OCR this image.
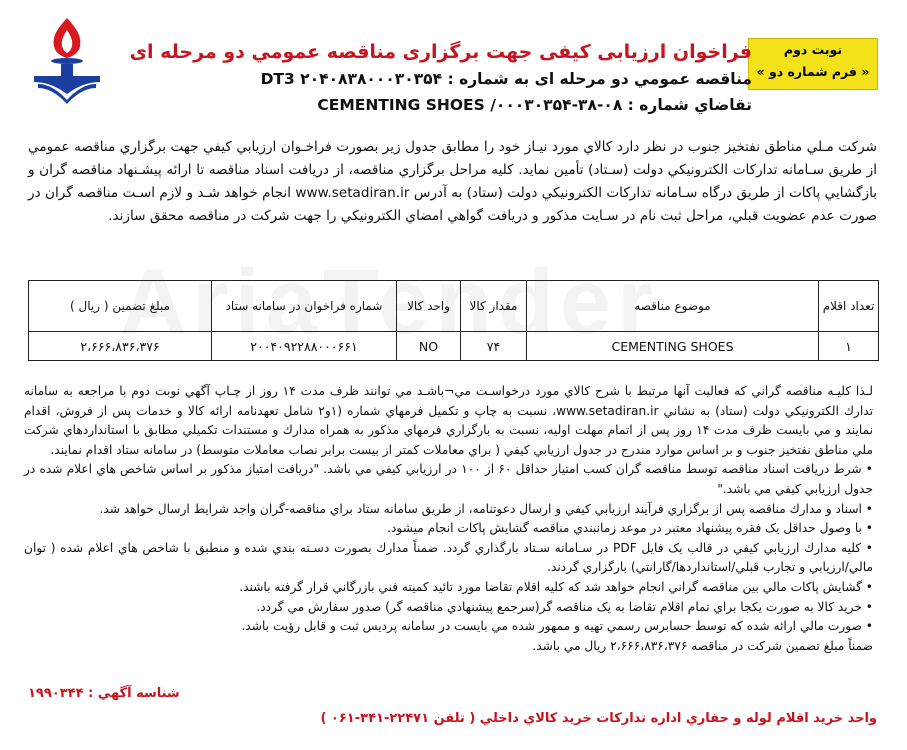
نوبت دوم
« فرم شماره دو »
فراخوان ارزيابی كيفی جهت برگزاری مناقصه عمومي دو مرحله ای
مناقصه عمومي دو مرحله ای به شماره : DT3 ۲۰۴۰۸۳۸۰۰۰۳۰۳۵۴
تقاضاي شماره : ۰۸-۳۸-۰۰۰۳۰۳۵۴/ CEMENTING SHOES
شركت مـلي مناطق نفتخيز جنوب در نظر دارد كالاي مورد نيـاز خود را مطابق جدول زير بصورت فراخـوان ارزيابي كيفي جهت برگزاري مناقصه عمومي از طريق سـامانه تداركات الكترونيكي دولت (سـتاد) تأمين نمايد. كليه مراحل برگزاري مناقصه، از دريافت اسناد مناقصه تا ارائه پيشـنهاد مناقصه گران و بازگشايي پاكات از طريق درگاه سـامانه تداركات الكترونيكي دولت (ستاد) به آدرس www.setadiran.ir انجام خواهد شـد و لازم اسـت مناقصه گران در صورت عدم عضويت قبلي، مراحل ثبت نام در سـايت مذكور و دريافت گواهي امضاي الكترونيكي را جهت شركت در مناقصه محقق سازند.
تعداد اقلام	موضوع مناقصه	مقدار كالا	واحد كالا	شماره فراخوان در سامانه ستاد	مبلغ تضمين ( ريال )
۱	CEMENTING SHOES	۷۴	NO	۲۰۰۴۰۹۲۲۸۸۰۰۰۶۶۱	۲،۶۶۶،۸۳۶،۳۷۶

لـذا كليـه مناقصه گراني كه فعاليت آنها مرتبط با شرح كالاي مورد درخواسـت مي¬باشـد مي توانند ظرف مدت ۱۴ روز از چـاپ آگهي نوبت دوم با مراجعه به سامانه تدارك الكترونيكي دولت (ستاد) به نشاني www.setadiran.ir، نسبت به چاپ و تكميل فرمهاي شماره (۱و۲ شامل تعهدنامه ارائه كالا و خدمات پس از فروش، اقدام نمايند و مي بايست ظرف مدت ۱۴ روز پس از اتمام مهلت اوليه، نسبت به بارگزاري فرمهاي مذكور به همراه مدارك و مستندات تكميلي مطابق با استانداردهاي شركت ملي مناطق نفتخيز جنوب و بر اساس موارد مندرج در جدول ارزيابي كيفي ( براي معاملات كمتر از بيست برابر نصاب معاملات متوسط) در سامانه ستاد اقدام نمايند.

• شرط دريافت اسناد مناقصه توسط مناقصه گران كسب امتياز حداقل ۶۰ از ۱۰۰ در ارزيابي كيفي مي باشد. "دريافت امتياز مذكور بر اساس شاخص هاي اعلام شده در جدول ارزيابي كيفي مي باشد."

• اسناد و مدارك مناقصه پس از برگزاري فرآيند ارزيابي كيفي و ارسال دعوتنامه، از طريق سامانه ستاد براي مناقصه-گران واجد شرايط ارسال خواهد شد.

• با وصول حداقل يک فقره پيشنهاد معتبر در موعد زمانبندي مناقصه گشايش پاكات انجام ميشود.

• كليه مدارك ارزيابي كيفي در قالب يک فايل PDF در سـامانه سـتاد بارگذاري گردد. ضمناً مدارك بصورت دسـته بندي شده و منطبق با شاخص هاي اعلام شده ( توان مالي/ارزيابي و تجارب قبلي/استانداردها/گارانتي) بارگزاري گردند.

• گشايش پاكات مالي بين مناقصه گراني انجام خواهد شد كه كليه اقلام تقاضا مورد تائيد كميته فني بازرگاني قرار گرفته باشند.

• خريد كالا به صورت يكجا براي تمام اقلام تقاضا به يک مناقصه گر(سرجمع پيشنهادي مناقصه گر) صدور سفارش مي گردد.

• صورت مالي ارائه شده كه توسط حسابرس رسمي تهيه و ممهور شده مي بايست در سامانه پرديس ثبت و قابل رؤيت باشد.

ضمناً مبلغ تضمين شركت در مناقصه ۲،۶۶۶،۸۳۶،۳۷۶ ريال مي باشد.

شناسه آگهي : ۱۹۹۰۳۴۴
واحد خريد اقلام لوله و حفاري اداره تداركات خريد كالاي داخلي ( تلفن ۲۲۴۷۱-۳۴۱-۰۶۱ )
